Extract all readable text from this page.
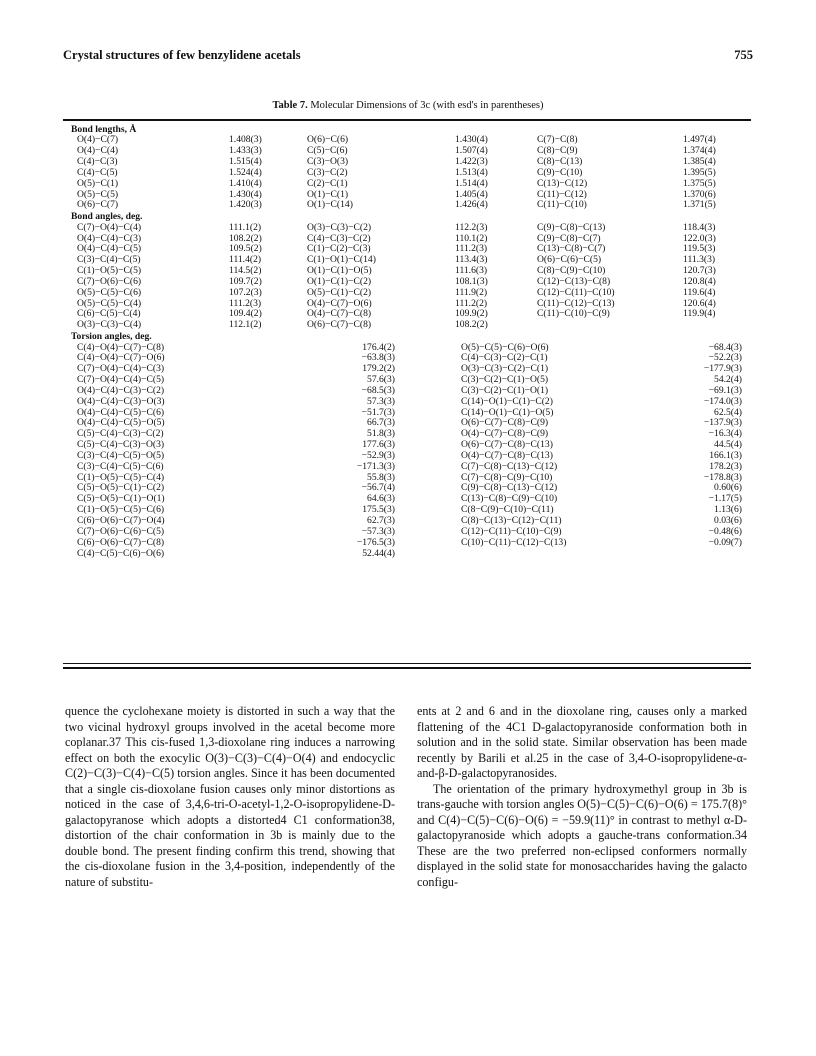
Crystal structures of few benzylidene acetals	755
Table 7. Molecular Dimensions of 3c (with esd's in parentheses)
Bond lengths, Å
O(4)−C(7)	1.408(3)	O(6)−C(6)	1.430(4)	C(7)−C(8)	1.497(4)
O(4)−C(4)	1.433(3)	C(5)−C(6)	1.507(4)	C(8)−C(9)	1.374(4)
C(4)−C(3)	1.515(4)	C(3)−O(3)	1.422(3)	C(8)−C(13)	1.385(4)
C(4)−C(5)	1.524(4)	C(3)−C(2)	1.513(4)	C(9)−C(10)	1.395(5)
O(5)−C(1)	1.410(4)	C(2)−C(1)	1.514(4)	C(13)−C(12)	1.375(5)
O(5)−C(5)	1.430(4)	O(1)−C(1)	1.405(4)	C(11)−C(12)	1.370(6)
O(6)−C(7)	1.420(3)	O(1)−C(14)	1.426(4)	C(11)−C(10)	1.371(5)
Bond angles, deg.
C(7)−O(4)−C(4)	111.1(2)	O(3)−C(3)−C(2)	112.2(3)	C(9)−C(8)−C(13)	118.4(3)
O(4)−C(4)−C(3)	108.2(2)	C(4)−C(3)−C(2)	110.1(2)	C(9)−C(8)−C(7)	122.0(3)
O(4)−C(4)−C(5)	109.5(2)	C(1)−C(2)−C(3)	111.2(3)	C(13)−C(8)−C(7)	119.5(3)
C(3)−C(4)−C(5)	111.4(2)	C(1)−O(1)−C(14)	113.4(3)	O(6)−C(6)−C(5)	111.3(3)
C(1)−O(5)−C(5)	114.5(2)	O(1)−C(1)−O(5)	111.6(3)	C(8)−C(9)−C(10)	120.7(3)
C(7)−O(6)−C(6)	109.7(2)	O(1)−C(1)−C(2)	108.1(3)	C(12)−C(13)−C(8)	120.8(4)
O(5)−C(5)−C(6)	107.2(3)	O(5)−C(1)−C(2)	111.9(2)	C(12)−C(11)−C(10)	119.6(4)
O(5)−C(5)−C(4)	111.2(3)	O(4)−C(7)−O(6)	111.2(2)	C(11)−C(12)−C(13)	120.6(4)
C(6)−C(5)−C(4)	109.4(2)	O(4)−C(7)−C(8)	109.9(2)	C(11)−C(10)−C(9)	119.9(4)
O(3)−C(3)−C(4)	112.1(2)	O(6)−C(7)−C(8)	108.2(2)
Torsion angles, deg.
C(4)−O(4)−C(7)−C(8)	176.4(2)	O(5)−C(5)−C(6)−O(6)	−68.4(3)
C(4)−O(4)−C(7)−O(6)	−63.8(3)	C(4)−C(3)−C(2)−C(1)	−52.2(3)
C(7)−O(4)−C(4)−C(3)	179.2(2)	O(3)−C(3)−C(2)−C(1)	−177.9(3)
C(7)−O(4)−C(4)−C(5)	57.6(3)	C(3)−C(2)−C(1)−O(5)	54.2(4)
O(4)−C(4)−C(3)−C(2)	−68.5(3)	C(3)−C(2)−C(1)−O(1)	−69.1(3)
O(4)−C(4)−C(3)−O(3)	57.3(3)	C(14)−O(1)−C(1)−C(2)	−174.0(3)
O(4)−C(4)−C(5)−C(6)	−51.7(3)	C(14)−O(1)−C(1)−O(5)	62.5(4)
O(4)−C(4)−C(5)−O(5)	66.7(3)	O(6)−C(7)−C(8)−C(9)	−137.9(3)
C(5)−C(4)−C(3)−C(2)	51.8(3)	O(4)−C(7)−C(8)−C(9)	−16.3(4)
C(5)−C(4)−C(3)−O(3)	177.6(3)	O(6)−C(7)−C(8)−C(13)	44.5(4)
C(3)−C(4)−C(5)−O(5)	−52.9(3)	O(4)−C(7)−C(8)−C(13)	166.1(3)
C(3)−C(4)−C(5)−C(6)	−171.3(3)	C(7)−C(8)−C(13)−C(12)	178.2(3)
C(1)−O(5)−C(5)−C(4)	55.8(3)	C(7)−C(8)−C(9)−C(10)	−178.8(3)
C(5)−O(5)−C(1)−C(2)	−56.7(4)	C(9)−C(8)−C(13)−C(12)	0.60(6)
C(5)−O(5)−C(1)−O(1)	64.6(3)	C(13)−C(8)−C(9)−C(10)	−1.17(5)
C(1)−O(5)−C(5)−C(6)	175.5(3)	C(8−C(9)−C(10)−C(11)	1.13(6)
C(6)−O(6)−C(7)−O(4)	62.7(3)	C(8)−C(13)−C(12)−C(11)	0.03(6)
C(7)−O(6)−C(6)−C(5)	−57.3(3)	C(12)−C(11)−C(10)−C(9)	−0.48(6)
C(6)−O(6)−C(7)−C(8)	−176.5(3)	C(10)−C(11)−C(12)−C(13)	−0.09(7)
C(4)−C(5)−C(6)−O(6)	52.44(4)

quence the cyclohexane moiety is distorted in such a way that the two vicinal hydroxyl groups involved in the acetal become more coplanar.37 This cis-fused 1,3-dioxolane ring induces a narrowing effect on both the exocylic O(3)−C(3)−C(4)−O(4) and endocyclic C(2)−C(3)−C(4)−C(5) torsion angles. Since it has been documented that a single cis-dioxolane fusion causes only minor distortions as noticed in the case of 3,4,6-tri-O-acetyl-1,2-O-isopropylidene-D-galactopyranose which adopts a distorted4 C1 conformation38, distortion of the chair conformation in 3b is mainly due to the double bond. The present finding confirm this trend, showing that the cis-dioxolane fusion in the 3,4-position, independently of the nature of substitu-

ents at 2 and 6 and in the dioxolane ring, causes only a marked flattening of the 4C1 D-galactopyranoside conformation both in solution and in the solid state. Similar observation has been made recently by Barili et al.25 in the case of 3,4-O-isopropylidene-α-and-β-D-galactopyranosides.

The orientation of the primary hydroxymethyl group in 3b is trans-gauche with torsion angles O(5)−C(5)−C(6)−O(6) = 175.7(8)° and C(4)−C(5)−C(6)−O(6) = −59.9(11)° in contrast to methyl α-D-galactopyranoside which adopts a gauche-trans conformation.34 These are the two preferred non-eclipsed conformers normally displayed in the solid state for monosaccharides having the galacto configu-
